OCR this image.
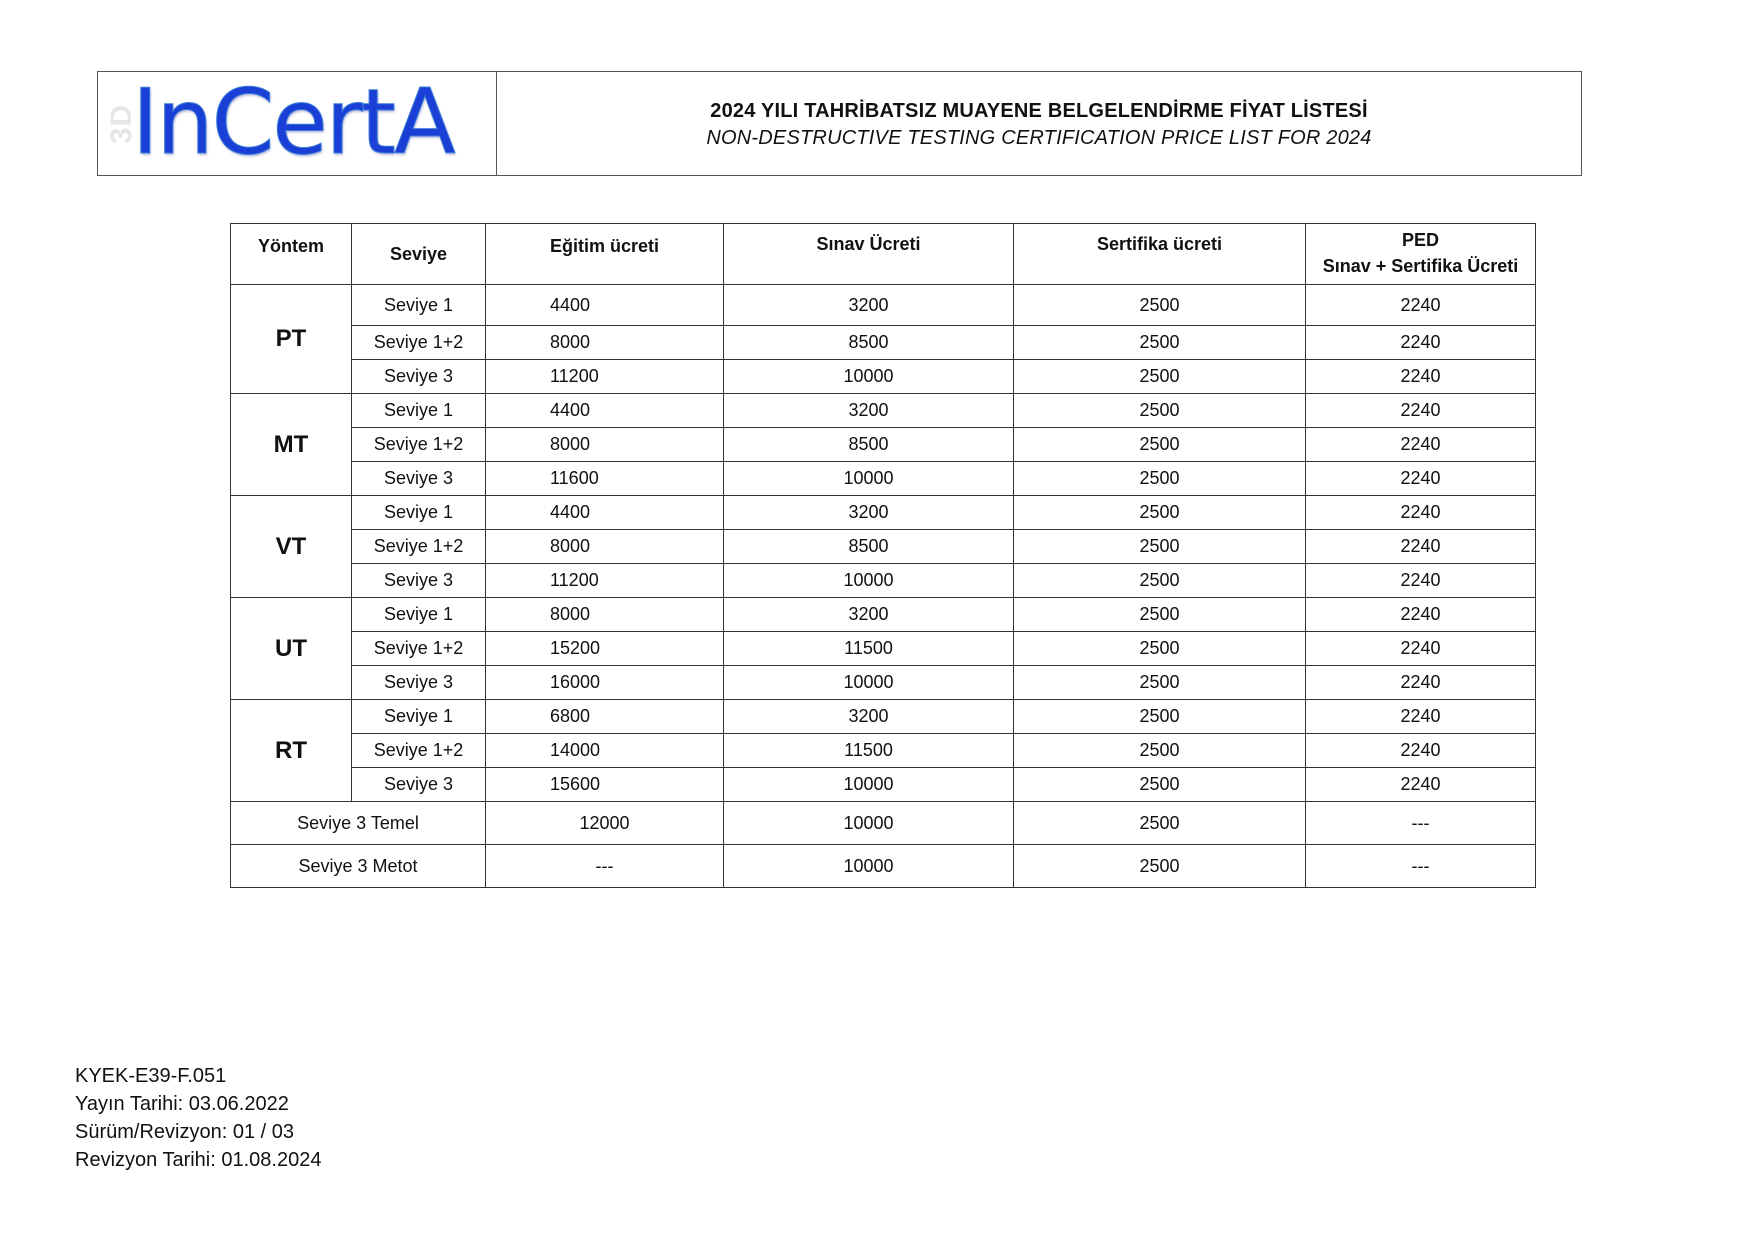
3D
InCertA	2024 YILI TAHRİBATSIZ MUAYENE BELGELENDİRME FİYAT LİSTESİ
NON-DESTRUCTIVE TESTING CERTIFICATION PRICE LIST FOR 2024
Yöntem	Seviye	Eğitim ücreti	Sınav Ücreti	Sertifika ücreti	PED
Sınav + Sertifika Ücreti

PT	Seviye 1	4400	3200	2500	2240
	Seviye 1+2	8000	8500	2500	2240
	Seviye 3	11200	10000	2500	2240
MT	Seviye 1	4400	3200	2500	2240
	Seviye 1+2	8000	8500	2500	2240
	Seviye 3	11600	10000	2500	2240
VT	Seviye 1	4400	3200	2500	2240
	Seviye 1+2	8000	8500	2500	2240
	Seviye 3	11200	10000	2500	2240
UT	Seviye 1	8000	3200	2500	2240
	Seviye 1+2	15200	11500	2500	2240
	Seviye 3	16000	10000	2500	2240
RT	Seviye 1	6800	3200	2500	2240
	Seviye 1+2	14000	11500	2500	2240
	Seviye 3	15600	10000	2500	2240
Seviye 3 Temel		12000	10000	2500	---
Seviye 3 Metot		---	10000	2500	---
KYEK-E39-F.051
Yayın Tarihi: 03.06.2022
Sürüm/Revizyon: 01 / 03
Revizyon Tarihi: 01.08.2024
